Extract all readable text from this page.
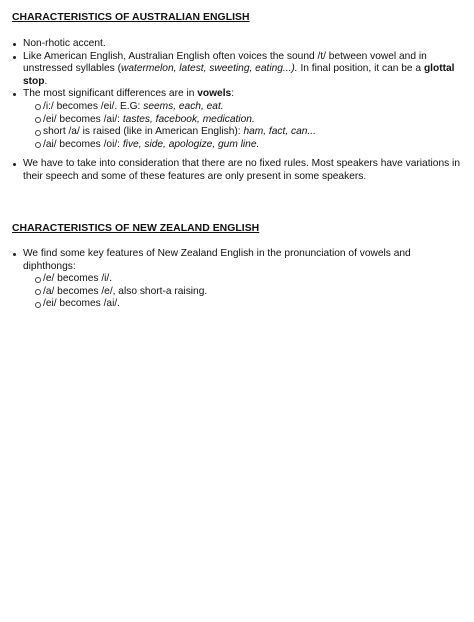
CHARACTERISTICS OF AUSTRALIAN ENGLISH
Non-rhotic accent.
Like American English, Australian English often voices the sound /t/ between vowel and in unstressed syllables (watermelon, latest, sweeting, eating...). In final position, it can be a glottal stop.
The most significant differences are in vowels:
/i:/ becomes /ei/. E.G: seems, each, eat.
/ei/ becomes /ai/: tastes, facebook, medication.
short /a/ is raised (like in American English): ham, fact, can...
/ai/ becomes /oi/: five, side, apologize, gum line.
We have to take into consideration that there are no fixed rules. Most speakers have variations in their speech and some of these features are only present in some speakers.
CHARACTERISTICS OF NEW ZEALAND ENGLISH
We find some key features of New Zealand English in the pronunciation of vowels and diphthongs:
/e/ becomes /i/.
/a/ becomes /e/, also short-a raising.
/ei/ becomes /ai/.
